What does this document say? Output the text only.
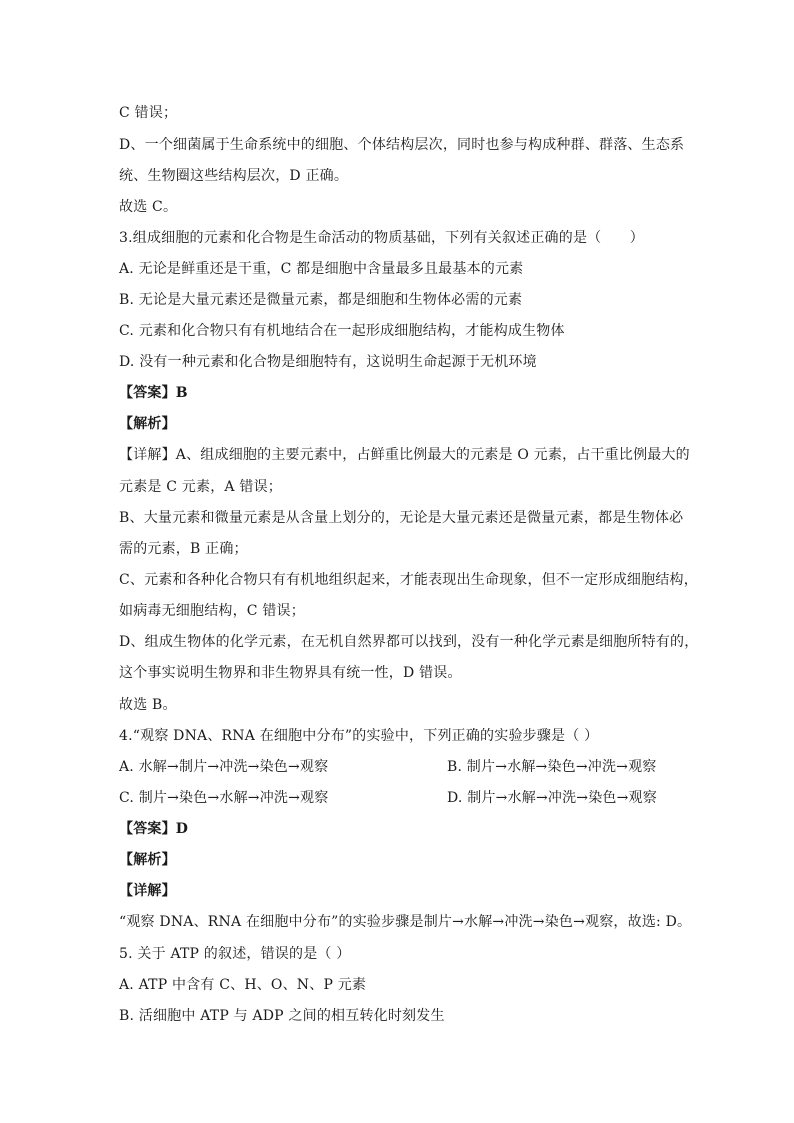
C 错误；
D、一个细菌属于生命系统中的细胞、个体结构层次，同时也参与构成种群、群落、生态系
统、生物圈这些结构层次，D 正确。
故选 C。
3.组成细胞的元素和化合物是生命活动的物质基础，下列有关叙述正确的是（　　）
A. 无论是鲜重还是干重，C 都是细胞中含量最多且最基本的元素
B. 无论是大量元素还是微量元素，都是细胞和生物体必需的元素
C. 元素和化合物只有有机地结合在一起形成细胞结构，才能构成生物体
D. 没有一种元素和化合物是细胞特有，这说明生命起源于无机环境
【答案】B
【解析】
【详解】A、组成细胞的主要元素中，占鲜重比例最大的元素是 O 元素，占干重比例最大的
元素是 C 元素，A 错误；
B、大量元素和微量元素是从含量上划分的，无论是大量元素还是微量元素，都是生物体必
需的元素，B 正确；
C、元素和各种化合物只有有机地组织起来，才能表现出生命现象，但不一定形成细胞结构，
如病毒无细胞结构，C 错误；
D、组成生物体的化学元素，在无机自然界都可以找到，没有一种化学元素是细胞所特有的，
这个事实说明生物界和非生物界具有统一性，D 错误。
故选 B。
4.“观察 DNA、RNA 在细胞中分布”的实验中，下列正确的实验步骤是（ ）
A. 水解→制片→冲洗→染色→观察	B. 制片→水解→染色→冲洗→观察
C. 制片→染色→水解→冲洗→观察	D. 制片→水解→冲洗→染色→观察
【答案】D
【解析】
【详解】
“观察 DNA、RNA 在细胞中分布”的实验步骤是制片→水解→冲洗→染色→观察，故选: D。
5. 关于 ATP 的叙述，错误的是（ ）
A. ATP 中含有 C、H、O、N、P 元素
B. 活细胞中 ATP 与 ADP 之间的相互转化时刻发生
